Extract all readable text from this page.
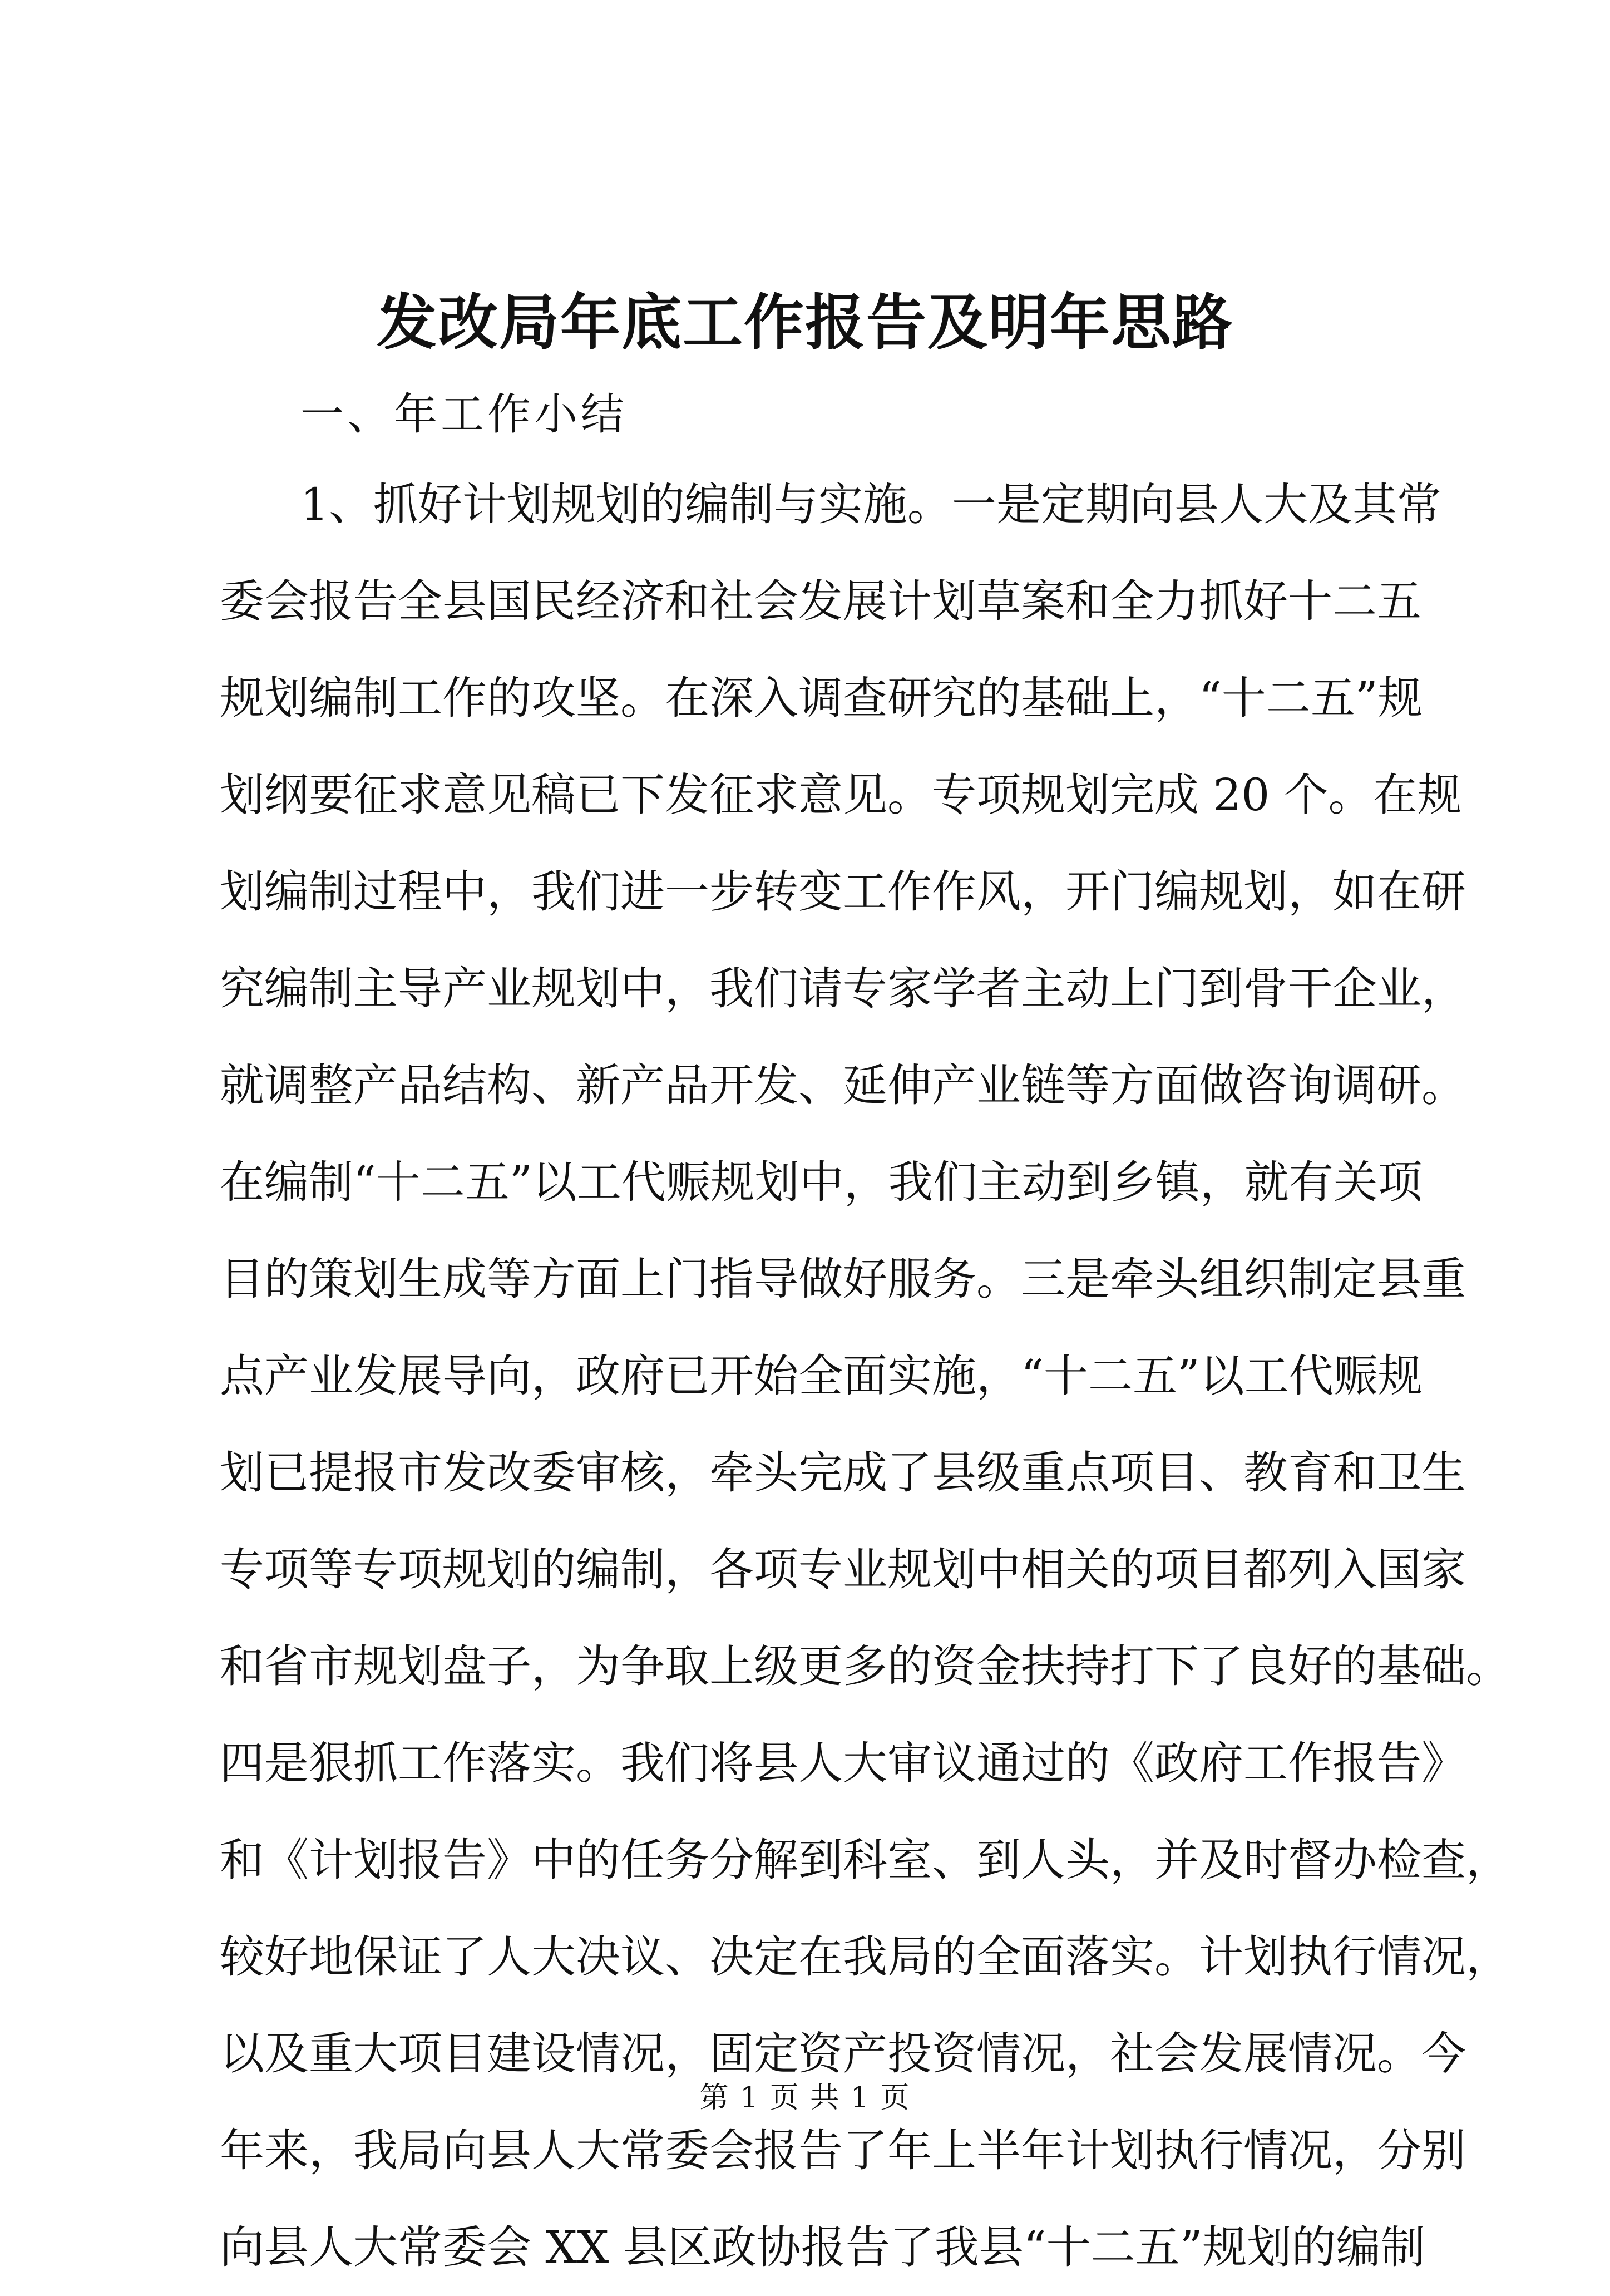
发改局年底工作报告及明年思路

一、年工作小结

1、抓好计划规划的编制与实施。一是定期向县人大及其常
委会报告全县国民经济和社会发展计划草案和全力抓好十二五
规划编制工作的攻坚。在深入调查研究的基础上，“十二五”规
划纲要征求意见稿已下发征求意见。专项规划完成 20 个。在规
划编制过程中，我们进一步转变工作作风，开门编规划，如在研
究编制主导产业规划中，我们请专家学者主动上门到骨干企业，
就调整产品结构、新产品开发、延伸产业链等方面做咨询调研。
在编制“十二五”以工代赈规划中，我们主动到乡镇，就有关项
目的策划生成等方面上门指导做好服务。三是牵头组织制定县重
点产业发展导向，政府已开始全面实施，“十二五”以工代赈规
划已提报市发改委审核，牵头完成了县级重点项目、教育和卫生
专项等专项规划的编制，各项专业规划中相关的项目都列入国家
和省市规划盘子，为争取上级更多的资金扶持打下了良好的基础。
四是狠抓工作落实。我们将县人大审议通过的《政府工作报告》
和《计划报告》中的任务分解到科室、到人头，并及时督办检查，
较好地保证了人大决议、决定在我局的全面落实。计划执行情况，
以及重大项目建设情况，固定资产投资情况，社会发展情况。今
年来，我局向县人大常委会报告了年上半年计划执行情况，分别
向县人大常委会 XX 县区政协报告了我县“十二五”规划的编制
第 1 页 共 1 页
